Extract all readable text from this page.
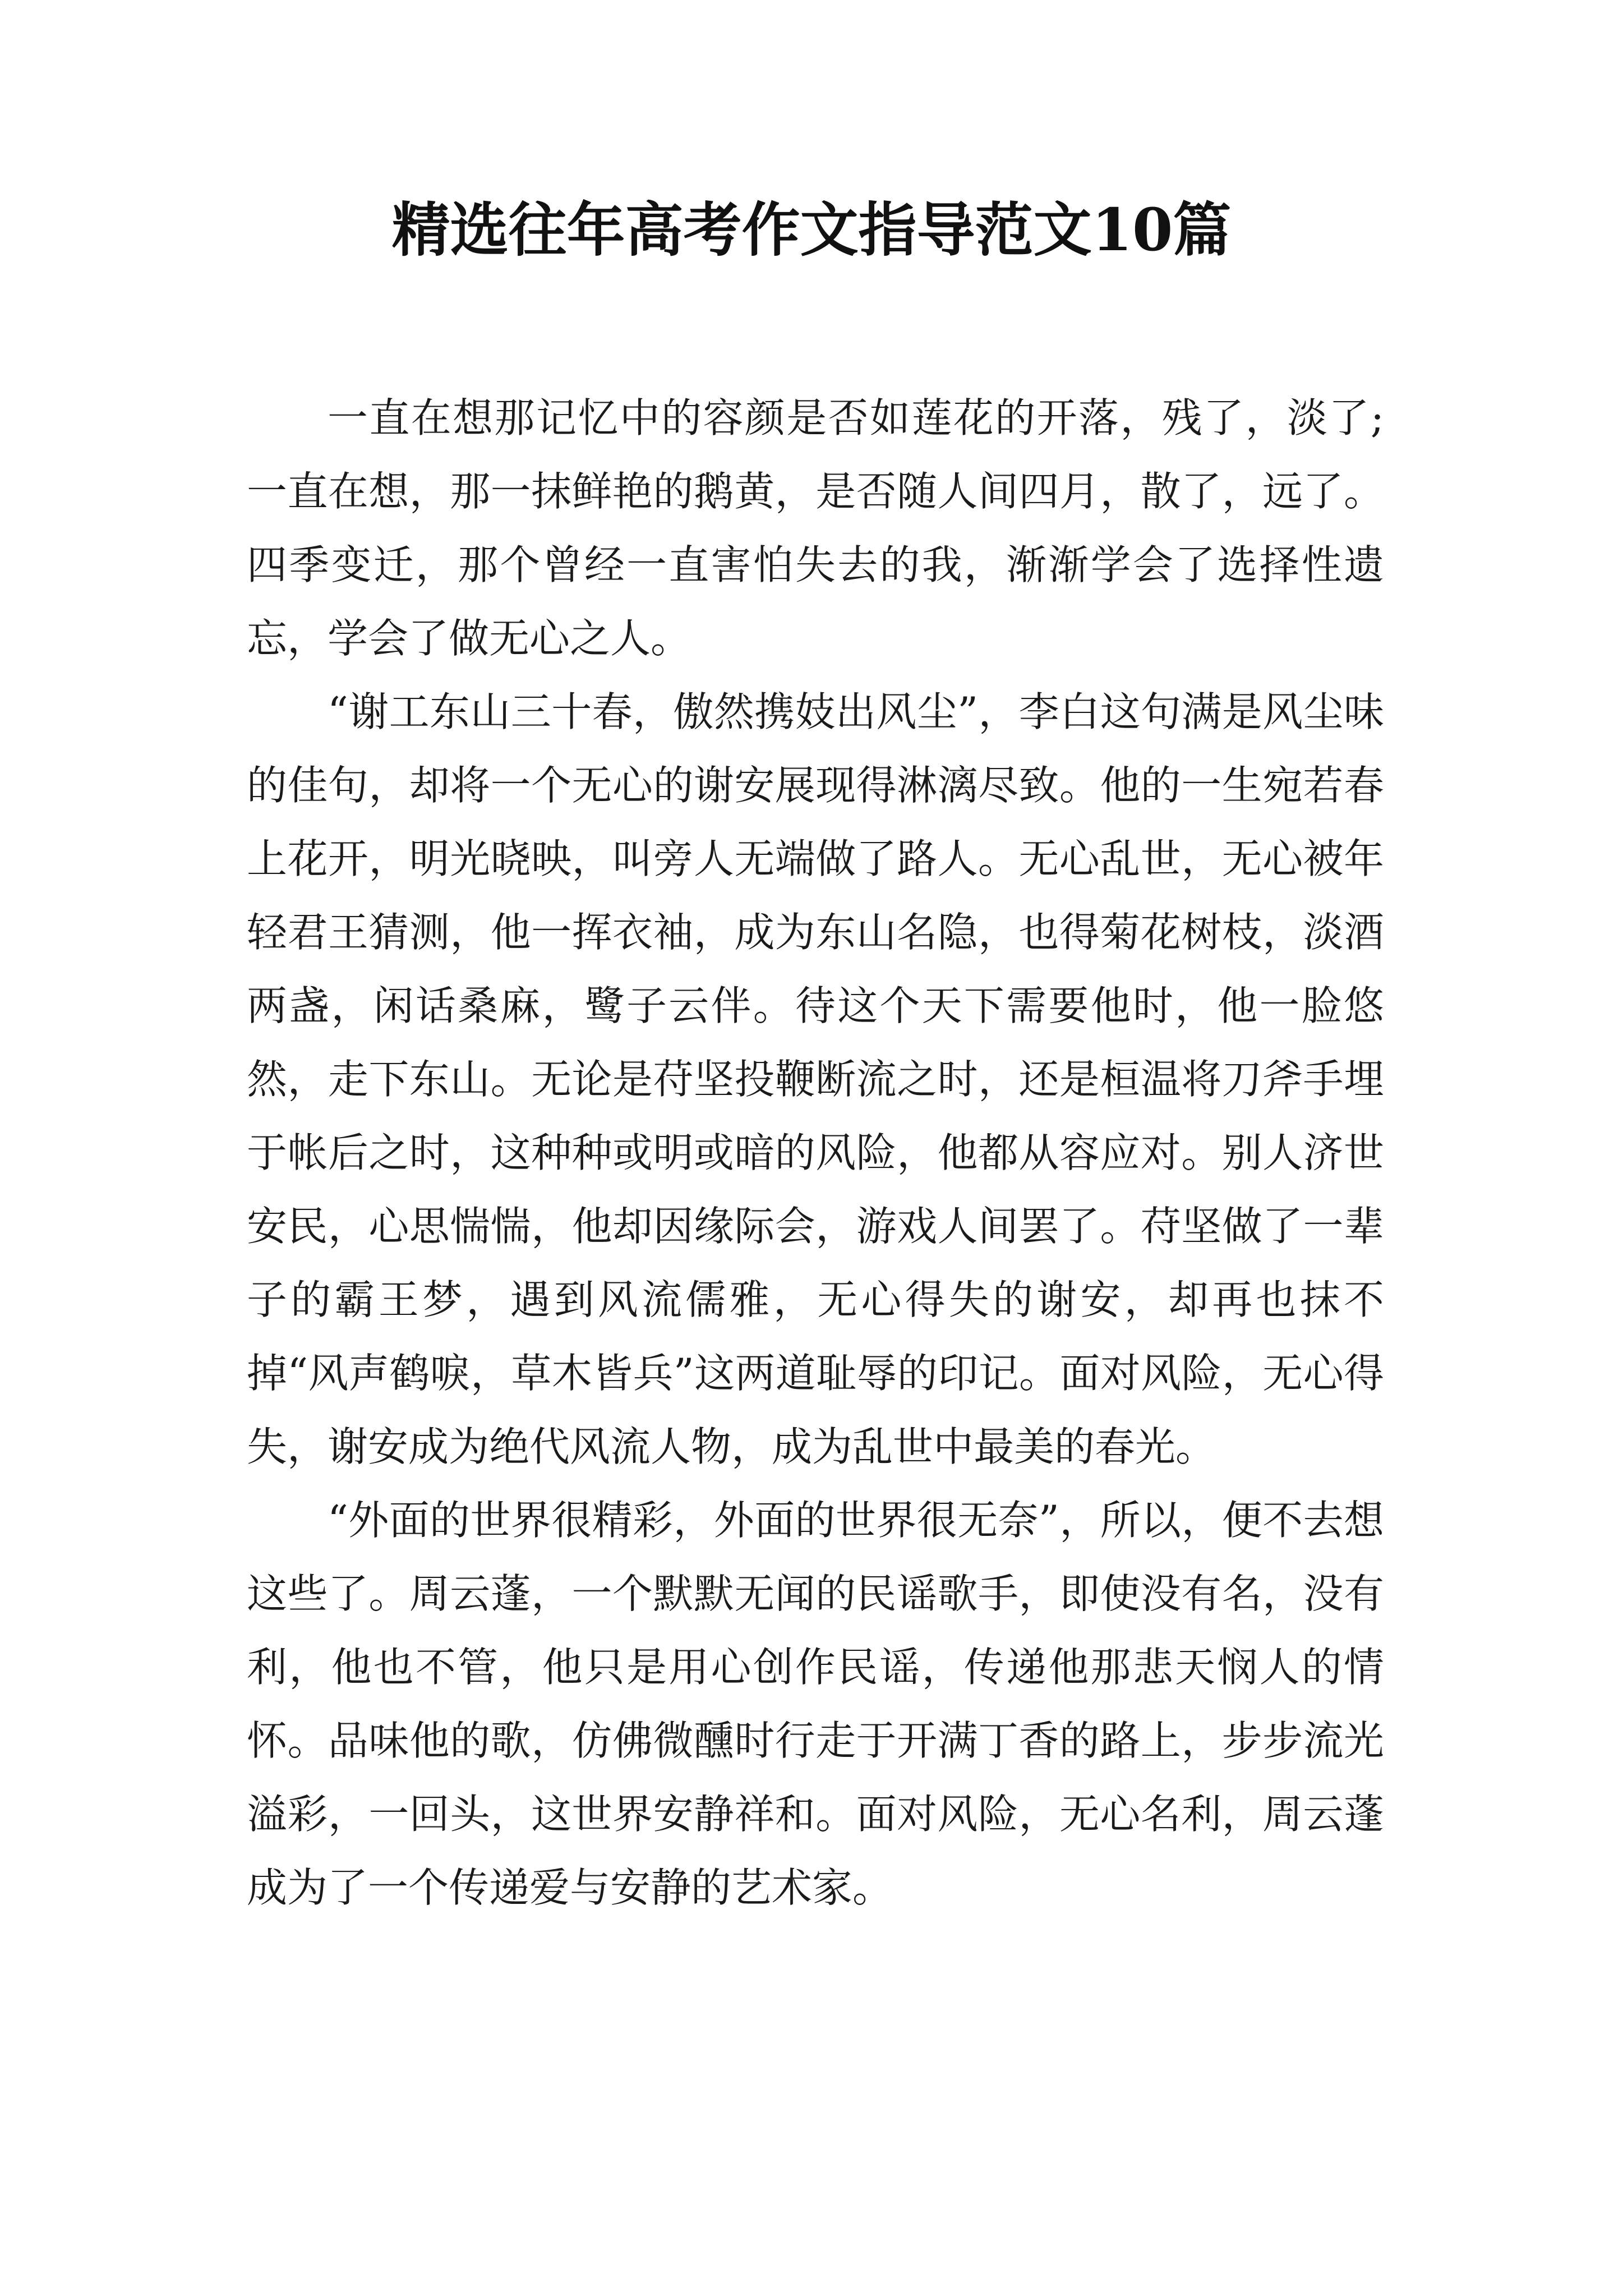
精选往年高考作文指导范文10篇

一直在想那记忆中的容颜是否如莲花的开落，残了，淡了;一直在想，那一抹鲜艳的鹅黄，是否随人间四月，散了，远了。四季变迁，那个曾经一直害怕失去的我，渐渐学会了选择性遗忘，学会了做无心之人。

“谢工东山三十春，傲然携妓出风尘”，李白这句满是风尘味的佳句，却将一个无心的谢安展现得淋漓尽致。他的一生宛若春上花开，明光晓映，叫旁人无端做了路人。无心乱世，无心被年轻君王猜测，他一挥衣袖，成为东山名隐，也得菊花树枝，淡酒两盏，闲话桑麻，鹭子云伴。待这个天下需要他时，他一脸悠然，走下东山。无论是苻坚投鞭断流之时，还是桓温将刀斧手埋于帐后之时，这种种或明或暗的风险，他都从容应对。别人济世安民，心思惴惴，他却因缘际会，游戏人间罢了。苻坚做了一辈子的霸王梦，遇到风流儒雅，无心得失的谢安，却再也抹不掉“风声鹤唳，草木皆兵”这两道耻辱的印记。面对风险，无心得失，谢安成为绝代风流人物，成为乱世中最美的春光。

“外面的世界很精彩，外面的世界很无奈”，所以，便不去想这些了。周云蓬，一个默默无闻的民谣歌手，即使没有名，没有利，他也不管，他只是用心创作民谣，传递他那悲天悯人的情怀。品味他的歌，仿佛微醺时行走于开满丁香的路上，步步流光溢彩，一回头，这世界安静祥和。面对风险，无心名利，周云蓬成为了一个传递爱与安静的艺术家。
